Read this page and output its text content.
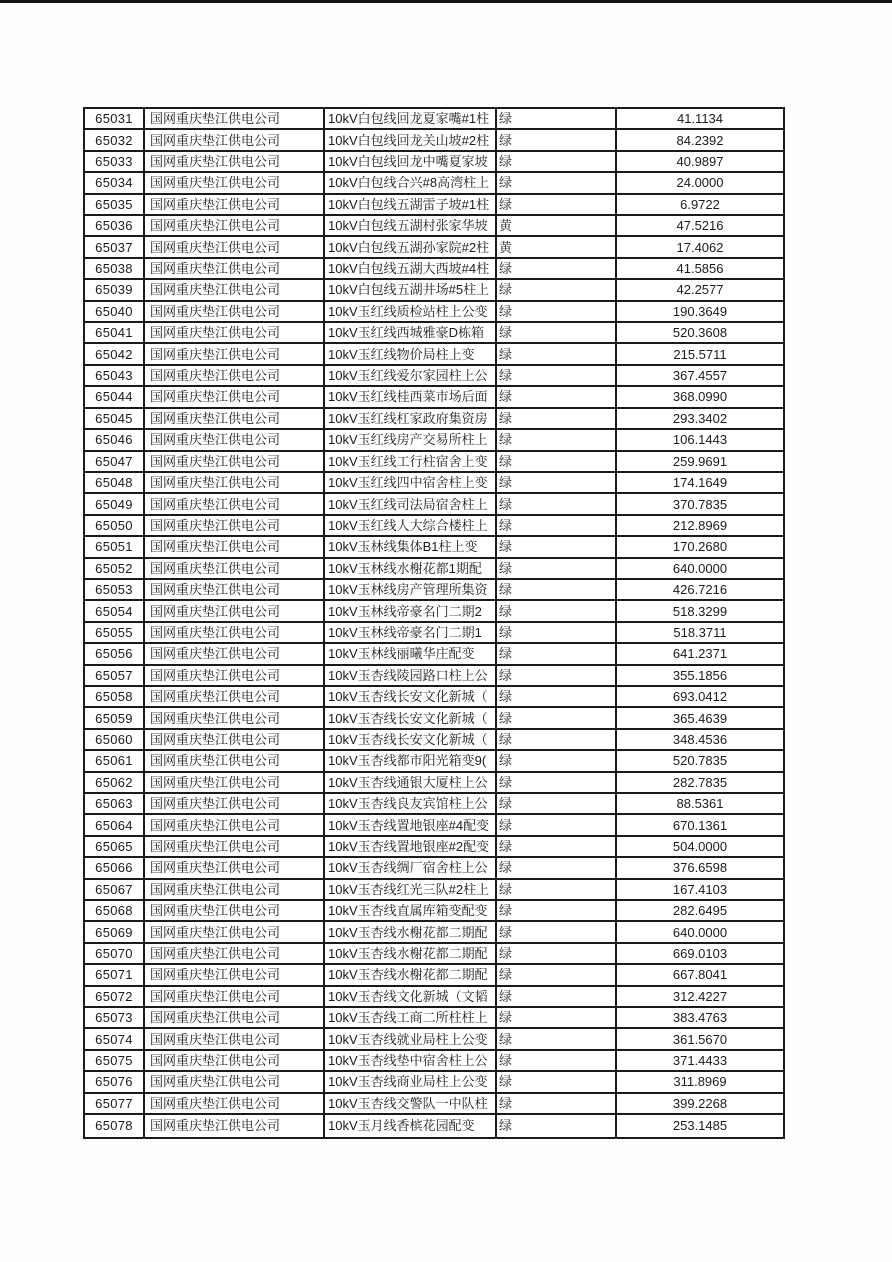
65031	国网重庆垫江供电公司	10kV白包线回龙夏家嘴#1柱 绿	41.1134
65032	国网重庆垫江供电公司	10kV白包线回龙关山坡#2柱 绿	84.2392
65033	国网重庆垫江供电公司	10kV白包线回龙中嘴夏家坡 绿	40.9897
65034	国网重庆垫江供电公司	10kV白包线合兴#8高湾柱上 绿	24.0000
65035	国网重庆垫江供电公司	10kV白包线五湖雷子坡#1柱 绿	6.9722
65036	国网重庆垫江供电公司	10kV白包线五湖村张家华坡 黄	47.5216
65037	国网重庆垫江供电公司	10kV白包线五湖孙家院#2柱 黄	17.4062
65038	国网重庆垫江供电公司	10kV白包线五湖大西坡#4柱 绿	41.5856
65039	国网重庆垫江供电公司	10kV白包线五湖井场#5柱上 绿	42.2577
65040	国网重庆垫江供电公司	10kV玉红线质检站柱上公变 绿	190.3649
65041	国网重庆垫江供电公司	10kV玉红线西城雅豪D栋箱	绿	520.3608
65042	国网重庆垫江供电公司	10kV玉红线物价局柱上变	绿	215.5711
65043	国网重庆垫江供电公司	10kV玉红线爱尔家园柱上公 绿	367.4557
65044	国网重庆垫江供电公司	10kV玉红线桂西菜市场后面 绿	368.0990
65045	国网重庆垫江供电公司	10kV玉红线杠家政府集资房 绿	293.3402
65046	国网重庆垫江供电公司	10kV玉红线房产交易所柱上 绿	106.1443
65047	国网重庆垫江供电公司	10kV玉红线工行柱宿舍上变 绿	259.9691
65048	国网重庆垫江供电公司	10kV玉红线四中宿舍柱上变 绿	174.1649
65049	国网重庆垫江供电公司	10kV玉红线司法局宿舍柱上 绿	370.7835
65050	国网重庆垫江供电公司	10kV玉红线人大综合楼柱上 绿	212.8969
65051	国网重庆垫江供电公司	10kV玉林线集体B1柱上变	绿	170.2680
65052	国网重庆垫江供电公司	10kV玉林线水榭花都1期配	绿	640.0000
65053	国网重庆垫江供电公司	10kV玉林线房产管理所集资 绿	426.7216
65054	国网重庆垫江供电公司	10kV玉林线帝豪名门二期2	绿	518.3299
65055	国网重庆垫江供电公司	10kV玉林线帝豪名门二期1	绿	518.3711
65056	国网重庆垫江供电公司	10kV玉林线丽曦华庄配变	绿	641.2371
65057	国网重庆垫江供电公司	10kV玉杏线陵园路口柱上公 绿	355.1856
65058	国网重庆垫江供电公司	10kV玉杏线长安文化新城（ 绿	693.0412
65059	国网重庆垫江供电公司	10kV玉杏线长安文化新城（ 绿	365.4639
65060	国网重庆垫江供电公司	10kV玉杏线长安文化新城（ 绿	348.4536
65061	国网重庆垫江供电公司	10kV玉杏线都市阳光箱变9( 绿	520.7835
65062	国网重庆垫江供电公司	10kV玉杏线通银大厦柱上公 绿	282.7835
65063	国网重庆垫江供电公司	10kV玉杏线良友宾馆柱上公 绿	88.5361
65064	国网重庆垫江供电公司	10kV玉杏线置地银座#4配变 绿	670.1361
65065	国网重庆垫江供电公司	10kV玉杏线置地银座#2配变 绿	504.0000
65066	国网重庆垫江供电公司	10kV玉杏线绸厂宿舍柱上公 绿	376.6598
65067	国网重庆垫江供电公司	10kV玉杏线红光三队#2柱上 绿	167.4103
65068	国网重庆垫江供电公司	10kV玉杏线直属库箱变配变 绿	282.6495
65069	国网重庆垫江供电公司	10kV玉杏线水榭花都二期配 绿	640.0000
65070	国网重庆垫江供电公司	10kV玉杏线水榭花都二期配 绿	669.0103
65071	国网重庆垫江供电公司	10kV玉杏线水榭花都二期配 绿	667.8041
65072	国网重庆垫江供电公司	10kV玉杏线文化新城（文韬 绿	312.4227
65073	国网重庆垫江供电公司	10kV玉杏线工商二所柱柱上 绿	383.4763
65074	国网重庆垫江供电公司	10kV玉杏线就业局柱上公变 绿	361.5670
65075	国网重庆垫江供电公司	10kV玉杏线垫中宿舍柱上公 绿	371.4433
65076	国网重庆垫江供电公司	10kV玉杏线商业局柱上公变 绿	311.8969
65077	国网重庆垫江供电公司	10kV玉杏线交警队一中队柱 绿	399.2268
65078	国网重庆垫江供电公司	10kV玉月线香槟花园配变	绿	253.1485
